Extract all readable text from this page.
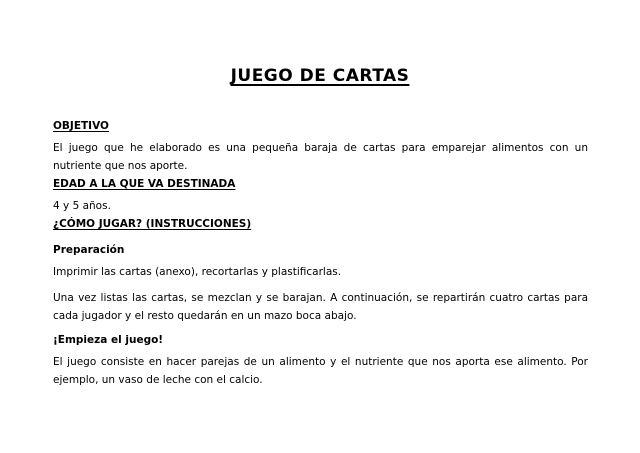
JUEGO DE CARTAS

OBJETIVO

El juego que he elaborado es una pequeña baraja de cartas para emparejar alimentos con un nutriente que nos aporte.

EDAD A LA QUE VA DESTINADA

4 y 5 años.

¿CÓMO JUGAR? (INSTRUCCIONES)

Preparación

Imprimir las cartas (anexo), recortarlas y plastificarlas.

Una vez listas las cartas, se mezclan y se barajan. A continuación, se repartirán cuatro cartas para cada jugador y el resto quedarán en un mazo boca abajo.

¡Empieza el juego!

El juego consiste en hacer parejas de un alimento y el nutriente que nos aporta ese alimento. Por ejemplo, un vaso de leche con el calcio.
